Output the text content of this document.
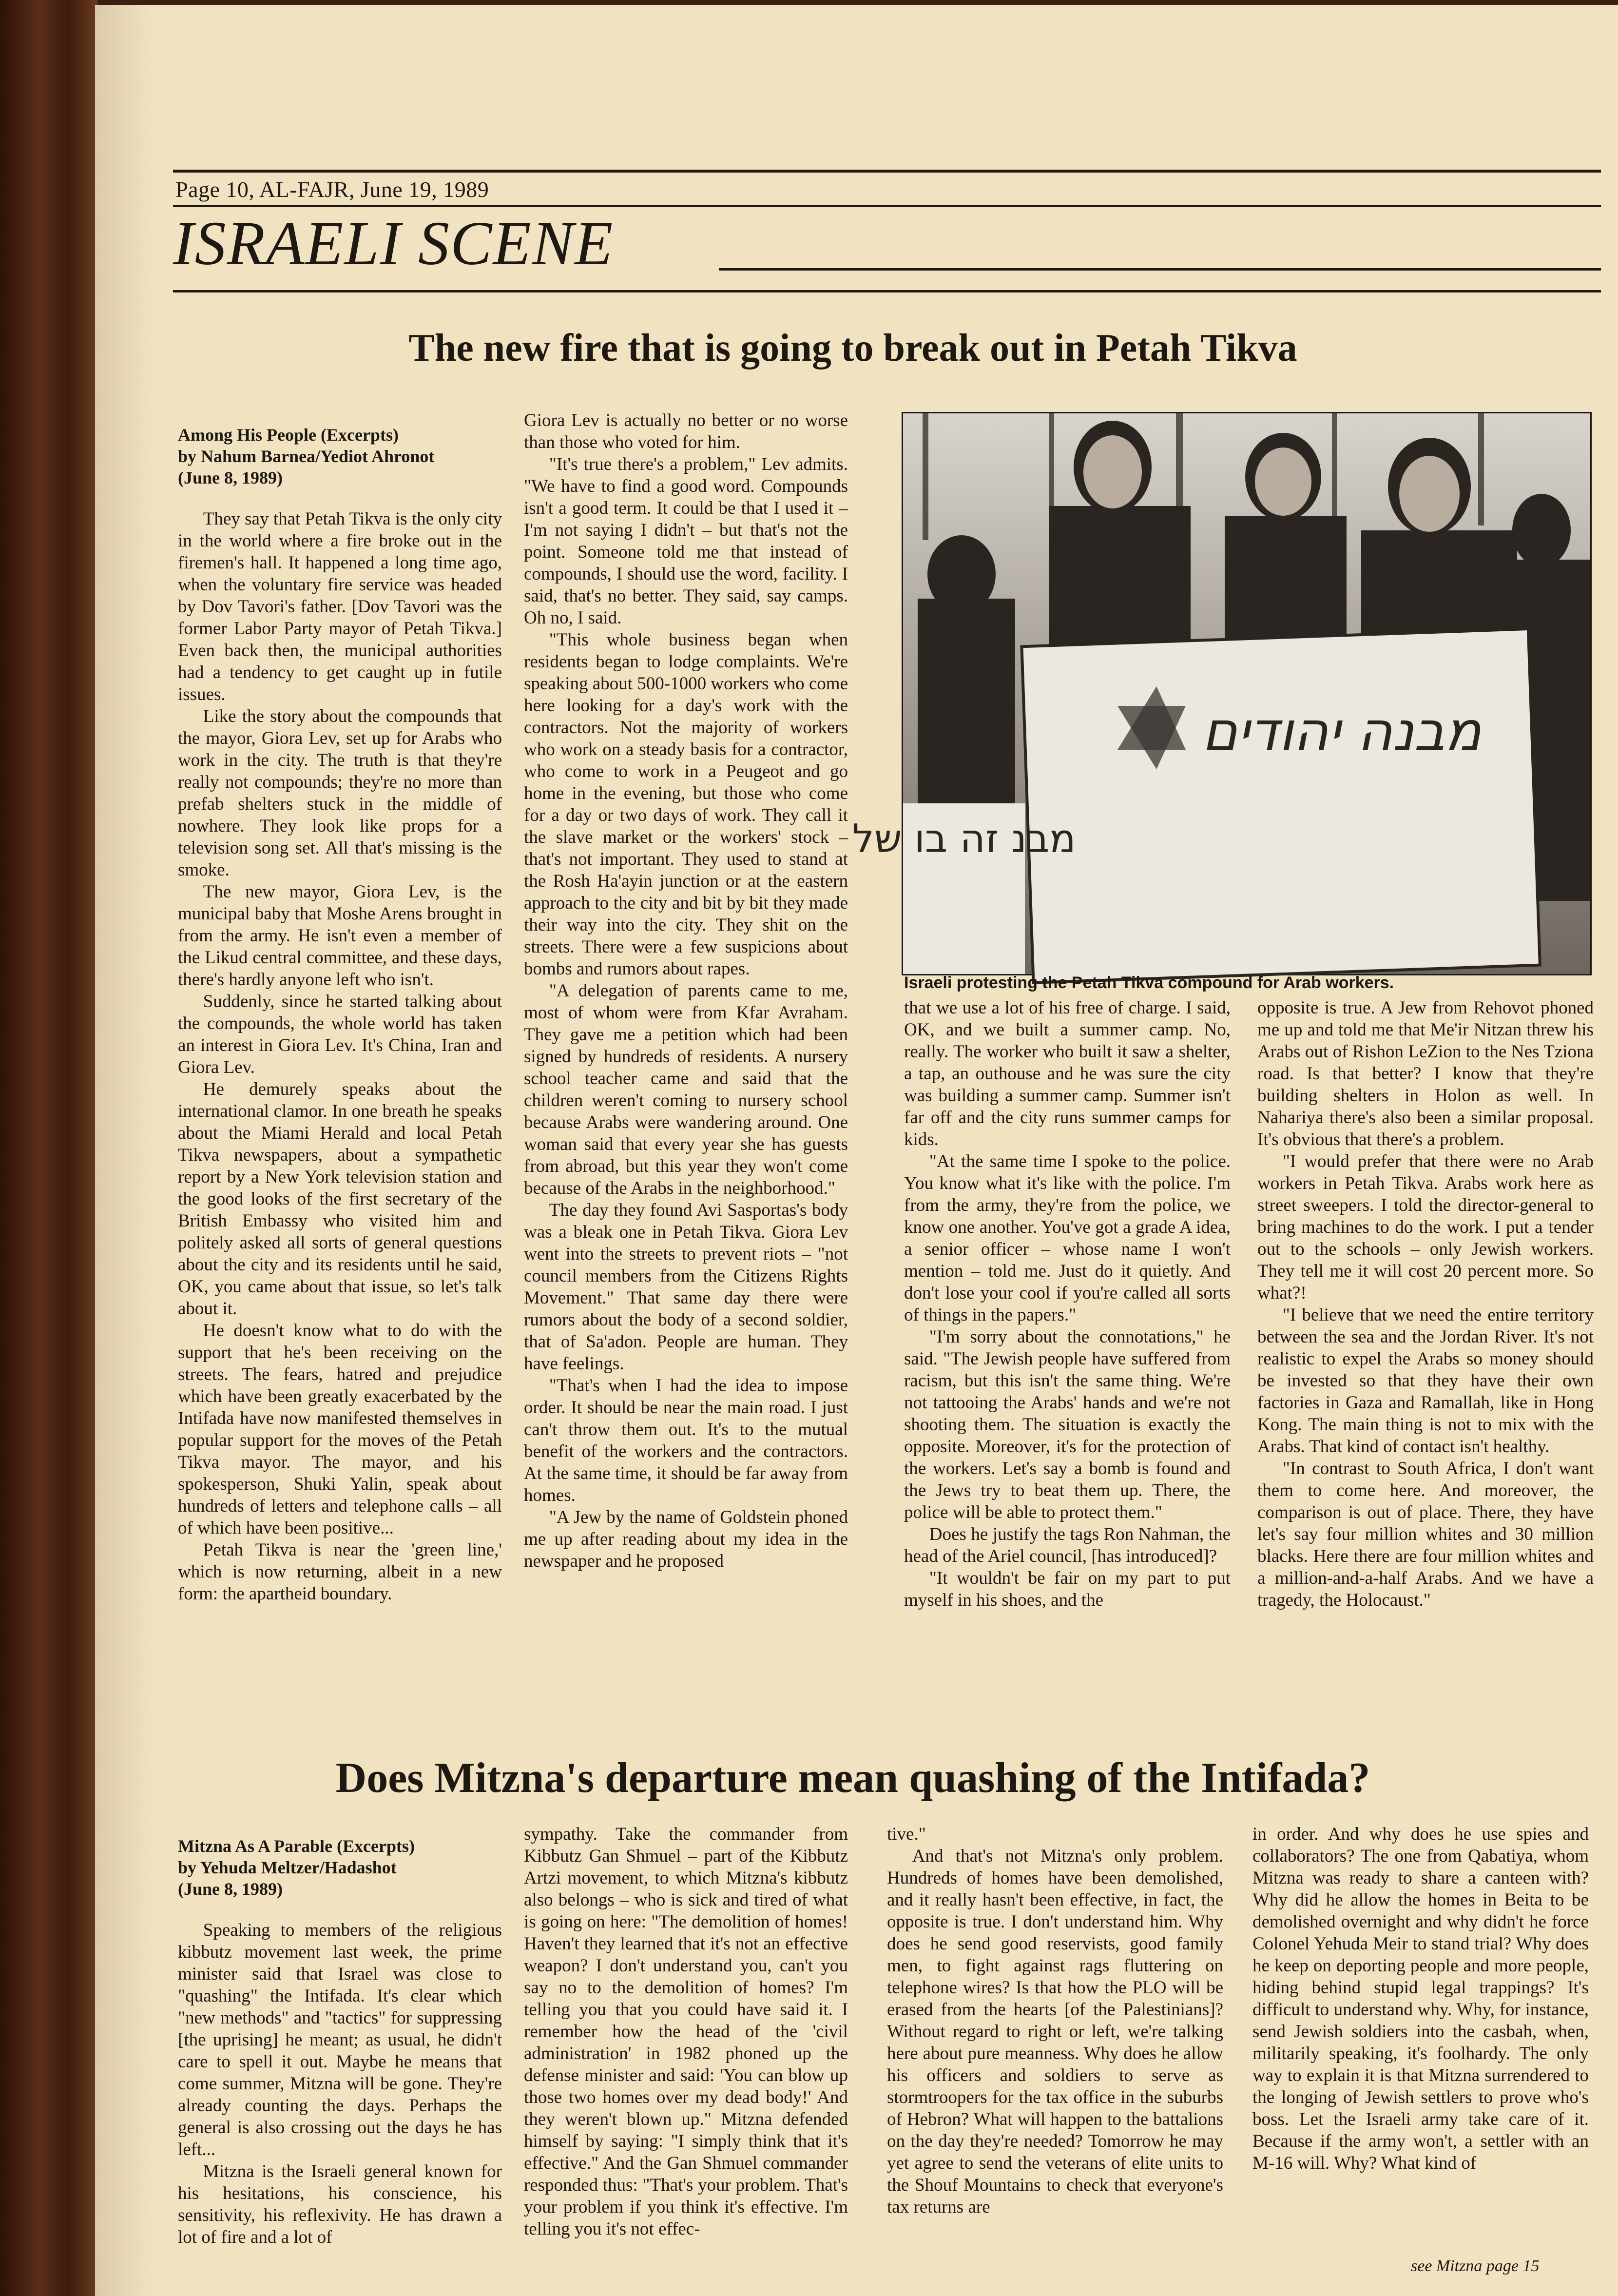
Page 10, AL-FAJR, June 19, 1989
ISRAELI SCENE
The new fire that is going to break out in Petah Tikva
Among His People (Excerpts)
by Nahum Barnea/Yediot Ahronot
(June 8, 1989)

They say that Petah Tikva is the only city in the world where a fire broke out in the firemen's hall. It happened a long time ago, when the voluntary fire service was headed by Dov Tavori's father. [Dov Tavori was the former Labor Party mayor of Petah Tikva.] Even back then, the municipal authorities had a tendency to get caught up in futile issues.

Like the story about the compounds that the mayor, Giora Lev, set up for Arabs who work in the city. The truth is that they're really not compounds; they're no more than prefab shelters stuck in the middle of nowhere. They look like props for a television song set. All that's missing is the smoke.

The new mayor, Giora Lev, is the municipal baby that Moshe Arens brought in from the army. He isn't even a member of the Likud central committee, and these days, there's hardly anyone left who isn't.

Suddenly, since he started talking about the compounds, the whole world has taken an interest in Giora Lev. It's China, Iran and Giora Lev.

He demurely speaks about the international clamor. In one breath he speaks about the Miami Herald and local Petah Tikva newspapers, about a sympathetic report by a New York television station and the good looks of the first secretary of the British Embassy who visited him and politely asked all sorts of general questions about the city and its residents until he said, OK, you came about that issue, so let's talk about it.

He doesn't know what to do with the support that he's been receiving on the streets. The fears, hatred and prejudice which have been greatly exacerbated by the Intifada have now manifested themselves in popular support for the moves of the Petah Tikva mayor. The mayor, and his spokesperson, Shuki Yalin, speak about hundreds of letters and telephone calls – all of which have been positive...

Petah Tikva is near the 'green line,' which is now returning, albeit in a new form: the apartheid boundary.

Giora Lev is actually no better or no worse than those who voted for him.

"It's true there's a problem," Lev admits. "We have to find a good word. Compounds isn't a good term. It could be that I used it – I'm not saying I didn't – but that's not the point. Someone told me that instead of compounds, I should use the word, facility. I said, that's no better. They said, say camps. Oh no, I said.

"This whole business began when residents began to lodge complaints. We're speaking about 500-1000 workers who come here looking for a day's work with the contractors. Not the majority of workers who work on a steady basis for a contractor, who come to work in a Peugeot and go home in the evening, but those who come for a day or two days of work. They call it the slave market or the workers' stock – that's not important. They used to stand at the Rosh Ha'ayin junction or at the eastern approach to the city and bit by bit they made their way into the city. They shit on the streets. There were a few suspicions about bombs and rumors about rapes.

"A delegation of parents came to me, most of whom were from Kfar Avraham. They gave me a petition which had been signed by hundreds of residents. A nursery school teacher came and said that the children weren't coming to nursery school because Arabs were wandering around. One woman said that every year she has guests from abroad, but this year they won't come because of the Arabs in the neighborhood."

The day they found Avi Sasportas's body was a bleak one in Petah Tikva. Giora Lev went into the streets to prevent riots – "not council members from the Citizens Rights Movement." That same day there were rumors about the body of a second soldier, that of Sa'adon. People are human. They have feelings.

"That's when I had the idea to impose order. It should be near the main road. I just can't throw them out. It's to the mutual benefit of the workers and the contractors. At the same time, it should be far away from homes.

"A Jew by the name of Goldstein phoned me up after reading about my idea in the newspaper and he proposed

מבנה יהודים
מבנ זה בו של
Israeli protesting the Petah Tikva compound for Arab workers.

that we use a lot of his free of charge. I said, OK, and we built a summer camp. No, really. The worker who built it saw a shelter, a tap, an outhouse and he was sure the city was building a summer camp. Summer isn't far off and the city runs summer camps for kids.

"At the same time I spoke to the police. You know what it's like with the police. I'm from the army, they're from the police, we know one another. You've got a grade A idea, a senior officer – whose name I won't mention – told me. Just do it quietly. And don't lose your cool if you're called all sorts of things in the papers."

"I'm sorry about the connotations," he said. "The Jewish people have suffered from racism, but this isn't the same thing. We're not tattooing the Arabs' hands and we're not shooting them. The situation is exactly the opposite. Moreover, it's for the protection of the workers. Let's say a bomb is found and the Jews try to beat them up. There, the police will be able to protect them."

Does he justify the tags Ron Nahman, the head of the Ariel council, [has introduced]?

"It wouldn't be fair on my part to put myself in his shoes, and the

opposite is true. A Jew from Rehovot phoned me up and told me that Me'ir Nitzan threw his Arabs out of Rishon LeZion to the Nes Tziona road. Is that better? I know that they're building shelters in Holon as well. In Nahariya there's also been a similar proposal. It's obvious that there's a problem.

"I would prefer that there were no Arab workers in Petah Tikva. Arabs work here as street sweepers. I told the director-general to bring machines to do the work. I put a tender out to the schools – only Jewish workers. They tell me it will cost 20 percent more. So what?!

"I believe that we need the entire territory between the sea and the Jordan River. It's not realistic to expel the Arabs so money should be invested so that they have their own factories in Gaza and Ramallah, like in Hong Kong. The main thing is not to mix with the Arabs. That kind of contact isn't healthy.

"In contrast to South Africa, I don't want them to come here. And moreover, the comparison is out of place. There, they have let's say four million whites and 30 million blacks. Here there are four million whites and a million-and-a-half Arabs. And we have a tragedy, the Holocaust."

Does Mitzna's departure mean quashing of the Intifada?
Mitzna As A Parable (Excerpts)
by Yehuda Meltzer/Hadashot
(June 8, 1989)

Speaking to members of the religious kibbutz movement last week, the prime minister said that Israel was close to "quashing" the Intifada. It's clear which "new methods" and "tactics" for suppressing [the uprising] he meant; as usual, he didn't care to spell it out. Maybe he means that come summer, Mitzna will be gone. They're already counting the days. Perhaps the general is also crossing out the days he has left...

Mitzna is the Israeli general known for his hesitations, his conscience, his sensitivity, his reflexivity. He has drawn a lot of fire and a lot of

sympathy. Take the commander from Kibbutz Gan Shmuel – part of the Kibbutz Artzi movement, to which Mitzna's kibbutz also belongs – who is sick and tired of what is going on here: "The demolition of homes! Haven't they learned that it's not an effective weapon? I don't understand you, can't you say no to the demolition of homes? I'm telling you that you could have said it. I remember how the head of the 'civil administration' in 1982 phoned up the defense minister and said: 'You can blow up those two homes over my dead body!' And they weren't blown up." Mitzna defended himself by saying: "I simply think that it's effective." And the Gan Shmuel commander responded thus: "That's your problem. That's your problem if you think it's effective. I'm telling you it's not effec-

tive."

And that's not Mitzna's only problem. Hundreds of homes have been demolished, and it really hasn't been effective, in fact, the opposite is true. I don't understand him. Why does he send good reservists, good family men, to fight against rags fluttering on telephone wires? Is that how the PLO will be erased from the hearts [of the Palestinians]? Without regard to right or left, we're talking here about pure meanness. Why does he allow his officers and soldiers to serve as stormtroopers for the tax office in the suburbs of Hebron? What will happen to the battalions on the day they're needed? Tomorrow he may yet agree to send the veterans of elite units to the Shouf Mountains to check that everyone's tax returns are

in order. And why does he use spies and collaborators? The one from Qabatiya, whom Mitzna was ready to share a canteen with? Why did he allow the homes in Beita to be demolished overnight and why didn't he force Colonel Yehuda Meir to stand trial? Why does he keep on deporting people and more people, hiding behind stupid legal trappings? It's difficult to understand why. Why, for instance, send Jewish soldiers into the casbah, when, militarily speaking, it's foolhardy. The only way to explain it is that Mitzna surrendered to the longing of Jewish settlers to prove who's boss. Let the Israeli army take care of it. Because if the army won't, a settler with an M-16 will. Why? What kind of

see Mitzna page 15
